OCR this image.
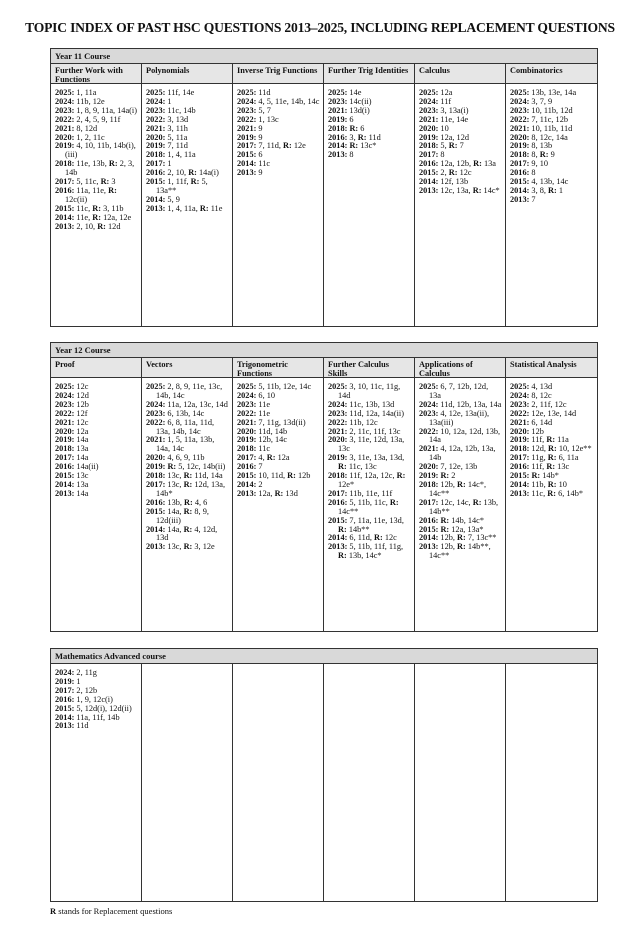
TOPIC INDEX OF PAST HSC QUESTIONS 2013–2025, INCLUDING REPLACEMENT QUESTIONS
Year 11 Course
Further Work with Functions
2025: 1, 11a
2024: 11b, 12e
2023: 1, 8, 9, 11a, 14a(i)
2022: 2, 4, 5, 9, 11f
2021: 8, 12d
2020: 1, 2, 11c
2019: 4, 10, 11b, 14b(i), (iii)
2018: 11e, 13b, R: 2, 3, 14b
2017: 5, 11c, R: 3
2016: 11a, 11e, R: 12c(ii)
2015: 11c, R: 3, 11b
2014: 11e, R: 12a, 12e
2013: 2, 10, R: 12d
Polynomials
2025: 11f, 14e
2024: 1
2023: 11c, 14b
2022: 3, 13d
2021: 3, 11h
2020: 5, 11a
2019: 7, 11d
2018: 1, 4, 11a
2017: 1
2016: 2, 10, R: 14a(i)
2015: 1, 11f, R: 5, 13a**
2014: 5, 9
2013: 1, 4, 11a, R: 11e
Inverse Trig Functions
2025: 11d
2024: 4, 5, 11e, 14b, 14c
2023: 5, 7
2022: 1, 13c
2021: 9
2019: 9
2017: 7, 11d, R: 12e
2015: 6
2014: 11c
2013: 9
Further Trig Identities
2025: 14e
2023: 14c(ii)
2021: 13d(i)
2019: 6
2018: R: 6
2016: 3, R: 11d
2014: R: 13c*
2013: 8
Calculus
2025: 12a
2024: 11f
2023: 3, 13a(i)
2021: 11e, 14e
2020: 10
2019: 12a, 12d
2018: 5, R: 7
2017: 8
2016: 12a, 12b, R: 13a
2015: 2, R: 12c
2014: 12f, 13b
2013: 12c, 13a, R: 14c*
Combinatorics
2025: 13b, 13e, 14a
2024: 3, 7, 9
2023: 10, 11b, 12d
2022: 7, 11c, 12b
2021: 10, 11b, 11d
2020: 8, 12c, 14a
2019: 8, 13b
2018: 8, R: 9
2017: 9, 10
2016: 8
2015: 4, 13b, 14c
2014: 3, 8, R: 1
2013: 7
Year 12 Course
Proof
2025: 12c
2024: 12d
2023: 12b
2022: 12f
2021: 12c
2020: 12a
2019: 14a
2018: 13a
2017: 14a
2016: 14a(ii)
2015: 13c
2014: 13a
2013: 14a
Vectors
2025: 2, 8, 9, 11e, 13c, 14b, 14c
2024: 11a, 12a, 13c, 14d
2023: 6, 13b, 14c
2022: 6, 8, 11a, 11d, 13a, 14b, 14c
2021: 1, 5, 11a, 13b, 14a, 14c
2020: 4, 6, 9, 11b
2019: R: 5, 12c, 14b(ii)
2018: 13c, R: 11d, 14a
2017: 13c, R: 12d, 13a, 14b*
2016: 13b, R: 4, 6
2015: 14a, R: 8, 9, 12d(iii)
2014: 14a, R: 4, 12d, 13d
2013: 13c, R: 3, 12e
Trigonometric Functions
2025: 5, 11b, 12e, 14c
2024: 6, 10
2023: 11e
2022: 11e
2021: 7, 11g, 13d(ii)
2020: 11d, 14b
2019: 12b, 14c
2018: 11c
2017: 4, R: 12a
2016: 7
2015: 10, 11d, R: 12b
2014: 2
2013: 12a, R: 13d
Further Calculus Skills
2025: 3, 10, 11c, 11g, 14d
2024: 11c, 13b, 13d
2023: 11d, 12a, 14a(ii)
2022: 11b, 12c
2021: 2, 11c, 11f, 13c
2020: 3, 11e, 12d, 13a, 13c
2019: 3, 11e, 13a, 13d, R: 11c, 13c
2018: 11f, 12a, 12c, R: 12e*
2017: 11b, 11e, 11f
2016: 5, 11b, 11c, R: 14c**
2015: 7, 11a, 11e, 13d, R: 14b**
2014: 6, 11d, R: 12c
2013: 5, 11b, 11f, 11g, R: 13b, 14c*
Applications of Calculus
2025: 6, 7, 12b, 12d, 13a
2024: 11d, 12b, 13a, 14a
2023: 4, 12e, 13a(ii), 13a(iii)
2022: 10, 12a, 12d, 13b, 14a
2021: 4, 12a, 12b, 13a, 14b
2020: 7, 12e, 13b
2019: R: 2
2018: 12b, R: 14c*, 14c**
2017: 12c, 14c, R: 13b, 14b**
2016: R: 14b, 14c*
2015: R: 12a, 13a*
2014: 12b, R: 7, 13c**
2013: 12b, R: 14b**, 14c**
Statistical Analysis
2025: 4, 13d
2024: 8, 12c
2023: 2, 11f, 12c
2022: 12e, 13e, 14d
2021: 6, 14d
2020: 12b
2019: 11f, R: 11a
2018: 12d, R: 10, 12e**
2017: 11g, R: 6, 11a
2016: 11f, R: 13c
2015: R: 14b*
2014: 11b, R: 10
2013: 11c, R: 6, 14b*
Mathematics Advanced course
2024: 2, 11g
2019: 1
2017: 2, 12b
2016: 1, 9, 12c(i)
2015: 5, 12d(i), 12d(ii)
2014: 11a, 11f, 14b
2013: 11d
R stands for Replacement questions
